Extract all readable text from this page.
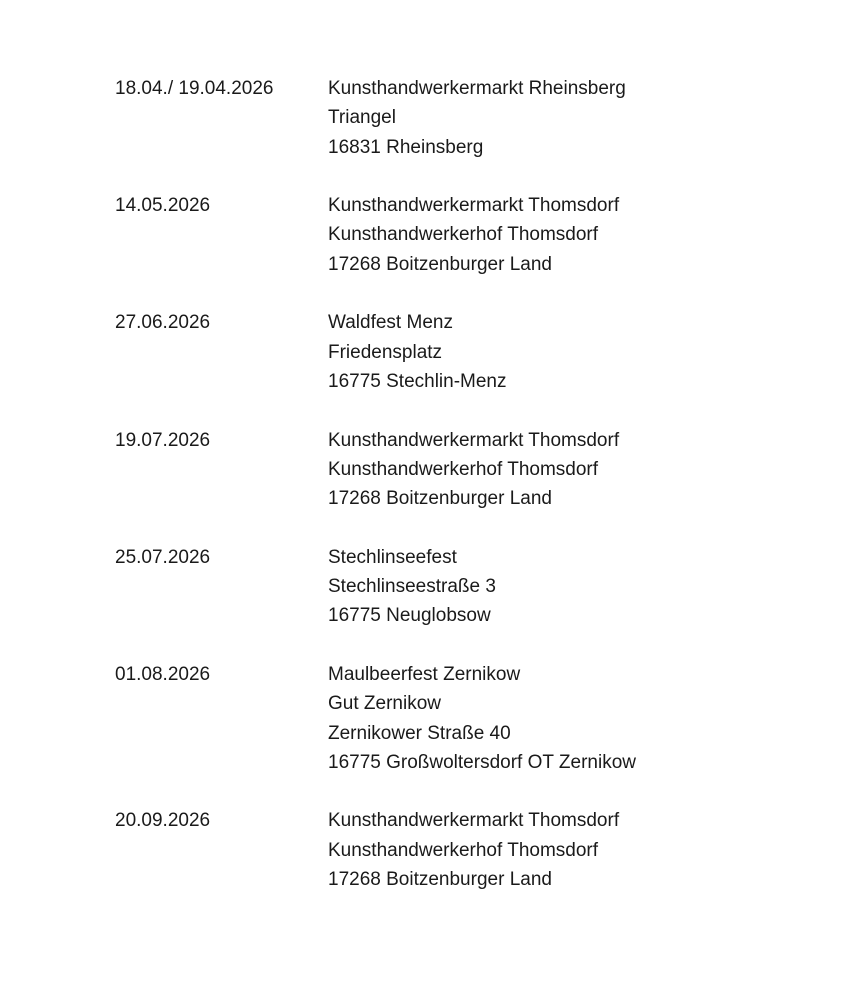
18.04./ 19.04.2026	Kunsthandwerkermarkt Rheinsberg
Triangel
16831 Rheinsberg
14.05.2026	Kunsthandwerkermarkt Thomsdorf
Kunsthandwerkerhof Thomsdorf
17268 Boitzenburger Land
27.06.2026	Waldfest Menz
Friedensplatz
16775 Stechlin-Menz
19.07.2026	Kunsthandwerkermarkt Thomsdorf
Kunsthandwerkerhof Thomsdorf
17268 Boitzenburger Land
25.07.2026	Stechlinseefest
Stechlinseestraße 3
16775 Neuglobsow
01.08.2026	Maulbeerfest Zernikow
Gut Zernikow
Zernikower Straße 40
16775 Großwoltersdorf OT Zernikow
20.09.2026	Kunsthandwerkermarkt Thomsdorf
Kunsthandwerkerhof Thomsdorf
17268 Boitzenburger Land
